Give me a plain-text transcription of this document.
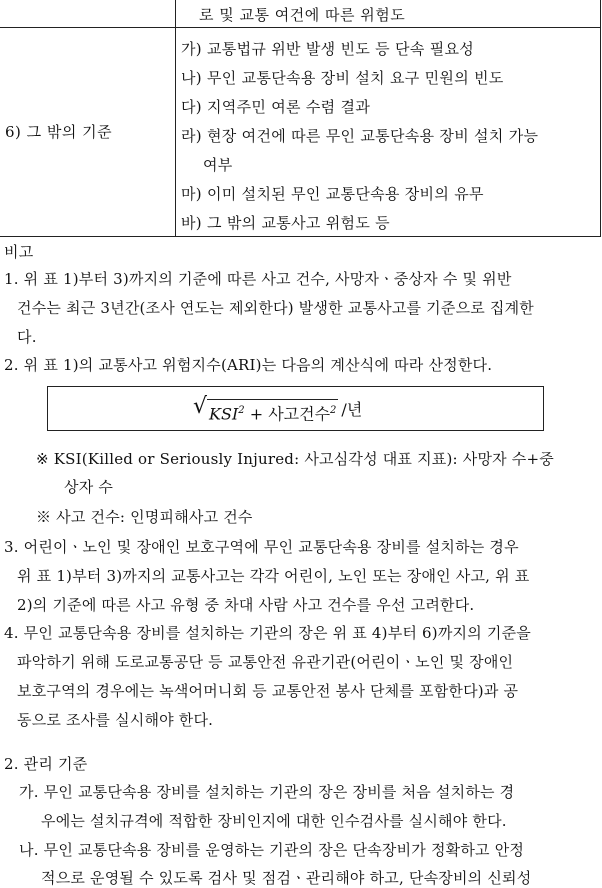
로 및 교통 여건에 따른 위험도
6) 그 밖의 기준
가) 교통법규 위반 발생 빈도 등 단속 필요성
나) 무인 교통단속용 장비 설치 요구 민원의 빈도
다) 지역주민 여론 수렴 결과
라) 현장 여건에 따른 무인 교통단속용 장비 설치 가능
여부
마) 이미 설치된 무인 교통단속용 장비의 유무
바) 그 밖의 교통사고 위험도 등
비고
1. 위 표 1)부터 3)까지의 기준에 따른 사고 건수, 사망자ㆍ중상자 수 및 위반
건수는 최근 3년간(조사 연도는 제외한다) 발생한 교통사고를 기준으로 집계한
다.
2. 위 표 1)의 교통사고 위험지수(ARI)는 다음의 계산식에 따라 산정한다.
√ $KSI^2$ + 사고건수$^2$ /년
※ KSI(Killed or Seriously Injured: 사고심각성 대표 지표): 사망자 수+중
상자 수
※ 사고 건수: 인명피해사고 건수
3. 어린이ㆍ노인 및 장애인 보호구역에 무인 교통단속용 장비를 설치하는 경우
위 표 1)부터 3)까지의 교통사고는 각각 어린이, 노인 또는 장애인 사고, 위 표
2)의 기준에 따른 사고 유형 중 차대 사람 사고 건수를 우선 고려한다.
4. 무인 교통단속용 장비를 설치하는 기관의 장은 위 표 4)부터 6)까지의 기준을
파악하기 위해 도로교통공단 등 교통안전 유관기관(어린이ㆍ노인 및 장애인
보호구역의 경우에는 녹색어머니회 등 교통안전 봉사 단체를 포함한다)과 공
동으로 조사를 실시해야 한다.
2. 관리 기준
가. 무인 교통단속용 장비를 설치하는 기관의 장은 장비를 처음 설치하는 경
우에는 설치규격에 적합한 장비인지에 대한 인수검사를 실시해야 한다.
나. 무인 교통단속용 장비를 운영하는 기관의 장은 단속장비가 정확하고 안정
적으로 운영될 수 있도록 검사 및 점검ㆍ관리해야 하고, 단속장비의 신뢰성
